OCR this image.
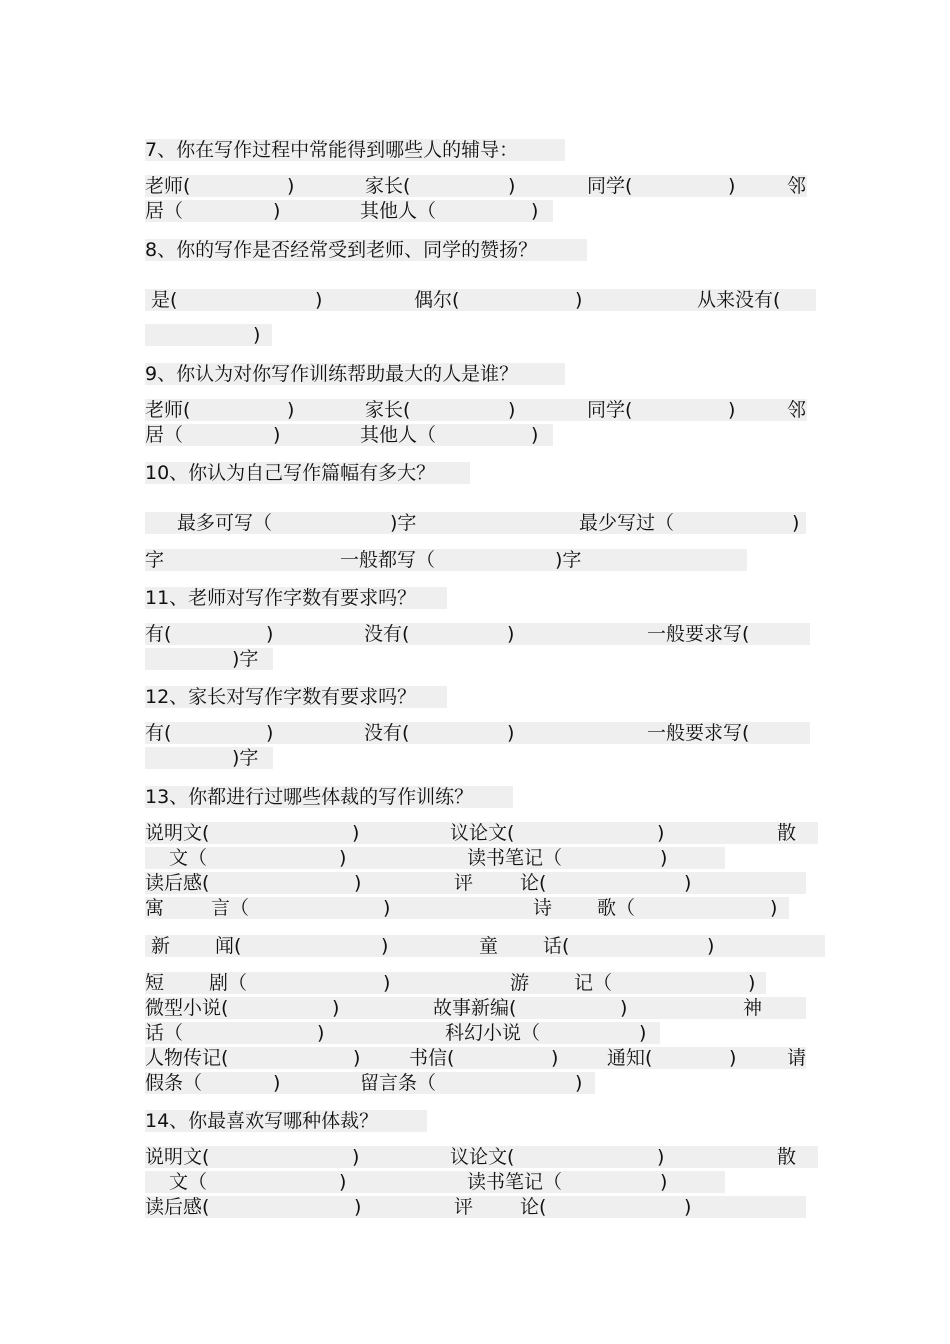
7、你在写作过程中常能得到哪些人的辅导：
老师(	)	家长(	)	同学(	)	邻
居（	)	其他人（	)
8、你的写作是否经常受到老师、同学的赞扬？
是(	)	偶尔(	)	从来没有(
)
9、你认为对你写作训练帮助最大的人是谁？
老师(	)	家长(	)	同学(	)	邻
居（	)	其他人（	)
10、你认为自己写作篇幅有多大？
最多可写（	)字	最少写过（	)
字	一般都写（	)字
11、老师对写作字数有要求吗？
有(	)	没有(	)	一般要求写(
)字
12、家长对写作字数有要求吗？
有(	)	没有(	)	一般要求写(
)字
13、你都进行过哪些体裁的写作训练？
说明文(	)	议论文(	)	散
文（	)	读书笔记（	)
读后感(	)	评 论(	)
寓 言（	)	诗 歌（	)
新 闻(	)	童 话(	)
短 剧（	)	游 记（	)
微型小说(	)	故事新编(	)	神
话（	)	科幻小说（	)
人物传记(	)	书信(	)	通知(	)	请
假条（	)	留言条（	)
14、你最喜欢写哪种体裁？
说明文(	)	议论文(	)	散
文（	)	读书笔记（	)
读后感(	)	评 论(	)
